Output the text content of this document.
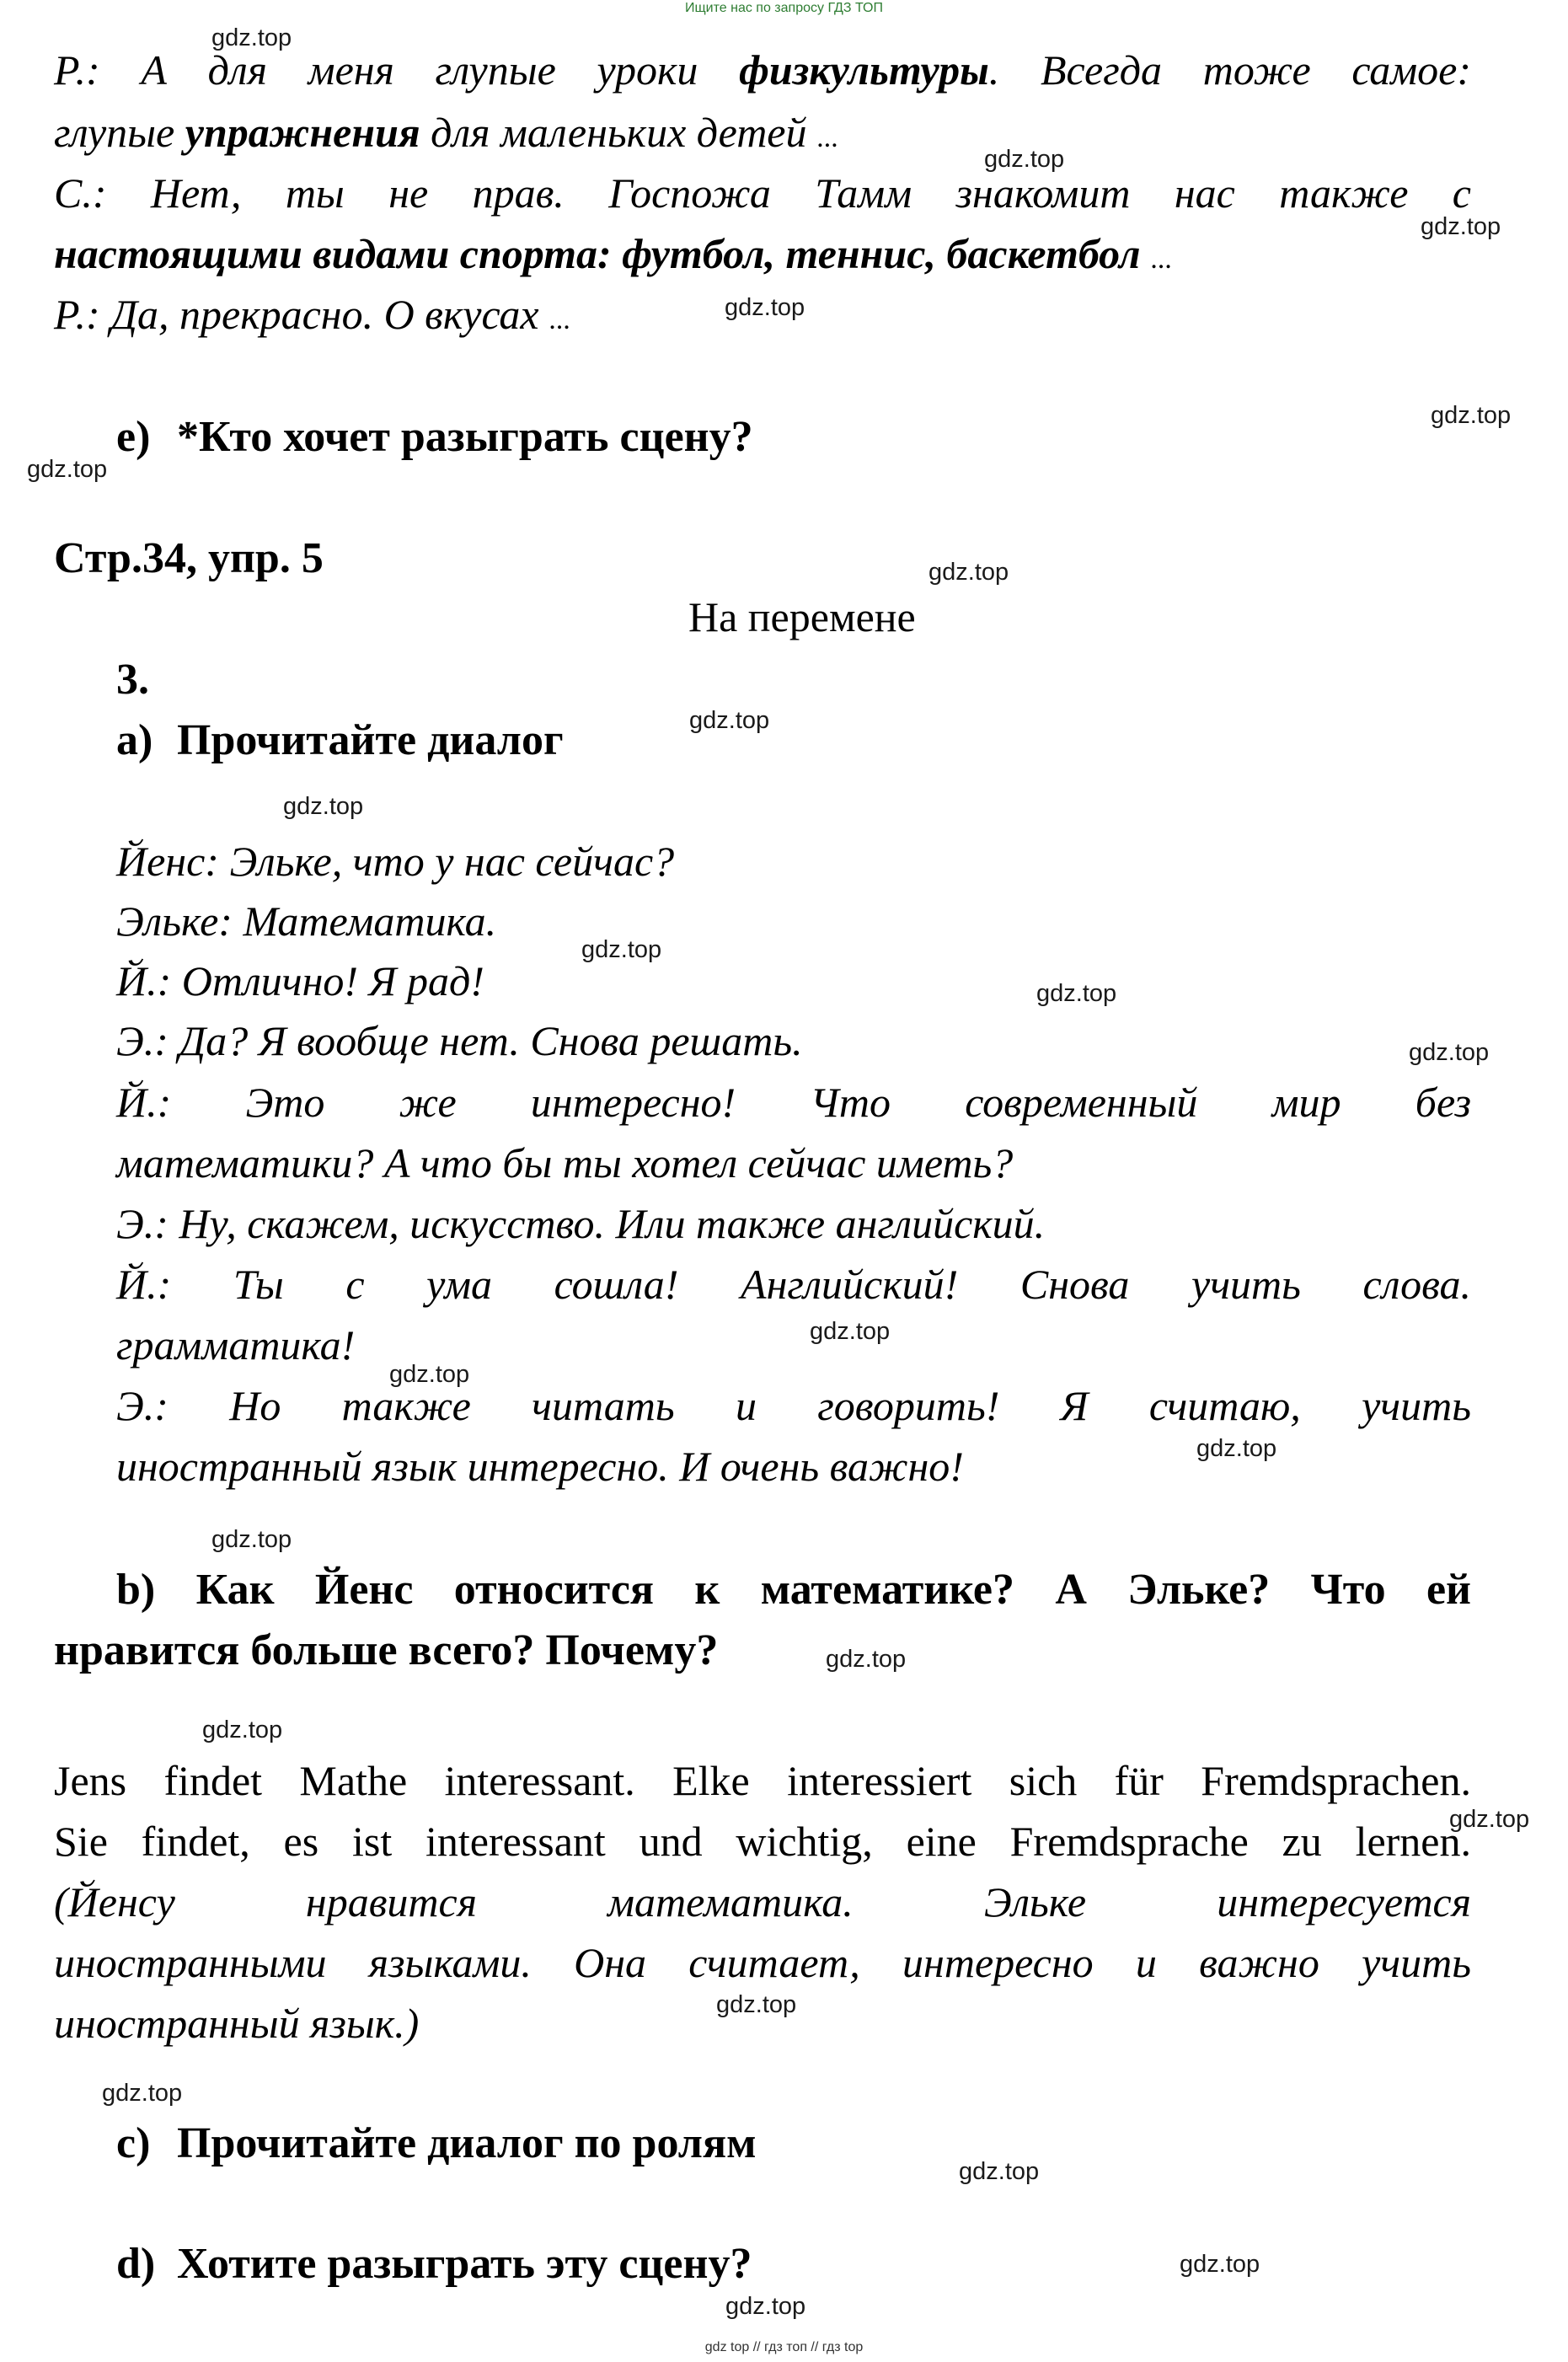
Ищите нас по запросу ГДЗ ТОП
Р.: А для меня глупые уроки физкультуры. Всегда тоже самое:
глупые упражнения для маленьких детей ...
С.: Нет, ты не прав. Госпожа Тамм знакомит нас также с
настоящими видами спорта: футбол, теннис, баскетбол ...
Р.: Да, прекрасно. О вкусах ...
e) *Кто хочет разыграть сцену?
Стр.34, упр. 5
На перемене
3.
a) Прочитайте диалог
Йенс: Эльке, что у нас сейчас?
Эльке: Математика.
Й.: Отлично! Я рад!
Э.: Да? Я вообще нет. Снова решать.
Й.: Это же интересно! Что современный мир без
математики? А что бы ты хотел сейчас иметь?
Э.: Ну, скажем, искусство. Или также английский.
Й.: Ты с ума сошла! Английский! Снова учить слова.
грамматика!
Э.: Но также читать и говорить! Я считаю, учить
иностранный язык интересно. И очень важно!
b) Как Йенс относится к математике? А Эльке? Что ей
нравится больше всего? Почему?
Jens findet Mathe interessant. Elke interessiert sich für Fremdsprachen.
Sie findet, es ist interessant und wichtig, eine Fremdsprache zu lernen.
(Йенсу нравится математика. Эльке интересуется
иностранными языками. Она считает, интересно и важно учить
иностранный язык.)
c) Прочитайте диалог по ролям
d) Хотите разыграть эту сцену?
gdz.top
gdz.top
gdz.top
gdz.top
gdz.top
gdz.top
gdz.top
gdz.top
gdz.top
gdz.top
gdz.top
gdz.top
gdz.top
gdz.top
gdz.top
gdz.top
gdz.top
gdz.top
gdz.top
gdz.top
gdz.top
gdz.top
gdz.top
gdz.top
gdz top // гдз топ // гдз top
